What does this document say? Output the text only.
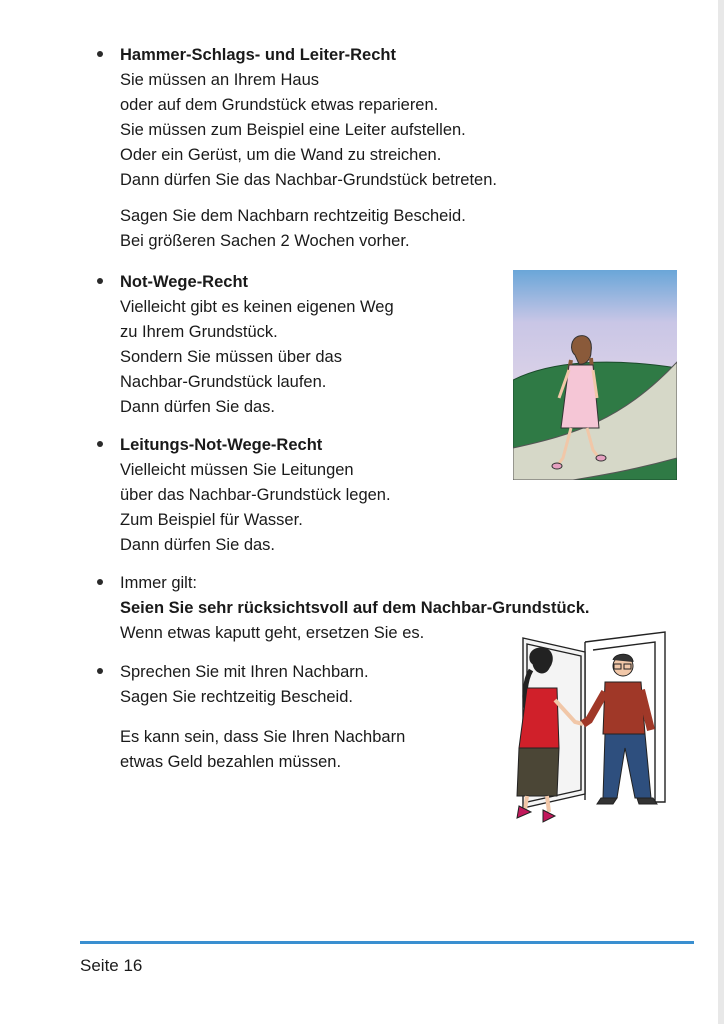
Hammer-Schlags- und Leiter-Recht
Sie müssen an Ihrem Haus
oder auf dem Grundstück etwas reparieren.
Sie müssen zum Beispiel eine Leiter aufstellen.
Oder ein Gerüst, um die Wand zu streichen.
Dann dürfen Sie das Nachbar-Grundstück betreten.
Sagen Sie dem Nachbarn rechtzeitig Bescheid.
Bei größeren Sachen 2 Wochen vorher.
Not-Wege-Recht
Vielleicht gibt es keinen eigenen Weg
zu Ihrem Grundstück.
Sondern Sie müssen über das
Nachbar-Grundstück laufen.
Dann dürfen Sie das.
Leitungs-Not-Wege-Recht
Vielleicht müssen Sie Leitungen
über das Nachbar-Grundstück legen.
Zum Beispiel für Wasser.
Dann dürfen Sie das.
Immer gilt:
Seien Sie sehr rücksichtsvoll auf dem Nachbar-Grundstück.
Wenn etwas kaputt geht, ersetzen Sie es.
Sprechen Sie mit Ihren Nachbarn.
Sagen Sie rechtzeitig Bescheid.
Es kann sein, dass Sie Ihren Nachbarn
etwas Geld bezahlen müssen.
Seite 16
